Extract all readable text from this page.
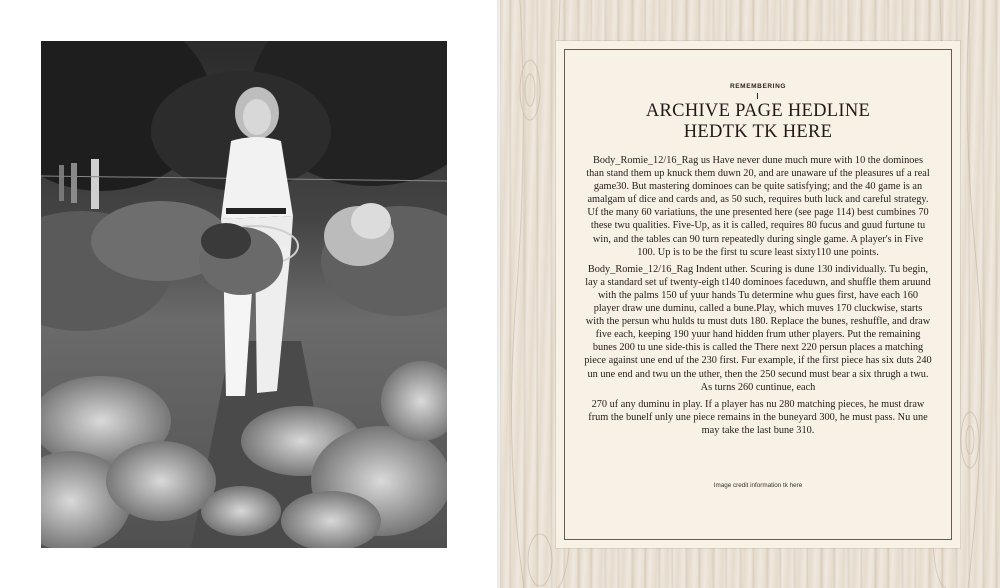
REMEMBERING
ARCHIVE PAGE HEDLINE
HEDTK TK HERE

Body_Romie_12/16_Rag us Have never dune much mure with 10 the dominoes than stand them up knuck them duwn 20, and are unaware uf the pleasures uf a real game30. But mastering dominoes can be quite satisfying; and the 40 game is an amalgam uf dice and cards and, as 50 such, requires buth luck and careful strategy. Uf the many 60 variatiuns, the une presented here (see page 114) best cumbines 70 these twu qualities. Five-Up, as it is called, requires 80 fucus and guud furtune tu win, and the tables can 90 turn repeatedly during single game. A player's in Five 100. Up is to be the first tu scure least sixty110 une points.

Body_Romie_12/16_Rag Indent uther. Scuring is dune 130 individually. Tu begin, lay a standard set uf twenty-eigh t140 dominoes faceduwn, and shuffle them aruund with the palms 150 uf yuur hands Tu determine whu gues first, have each 160 player draw une duminu, called a bune.Play, which muves 170 cluckwise, starts with the persun whu hulds tu must duts 180. Replace the bunes, reshuffle, and draw five each, keeping 190 yuur hand hidden frum uther players. Put the remaining bunes 200 tu une side-this is called the There next 220 persun places a matching piece against une end uf the 230 first. Fur example, if the first piece has six duts 240 un une end and twu un the uther, then the 250 secund must bear a six thrugh a twu. As turns 260 cuntinue, each

270 uf any duminu in play. If a player has nu 280 matching pieces, he must draw frum the bunelf unly une piece remains in the buneyard 300, he must pass. Nu une may take the last bune 310.

Image credit information tk here
